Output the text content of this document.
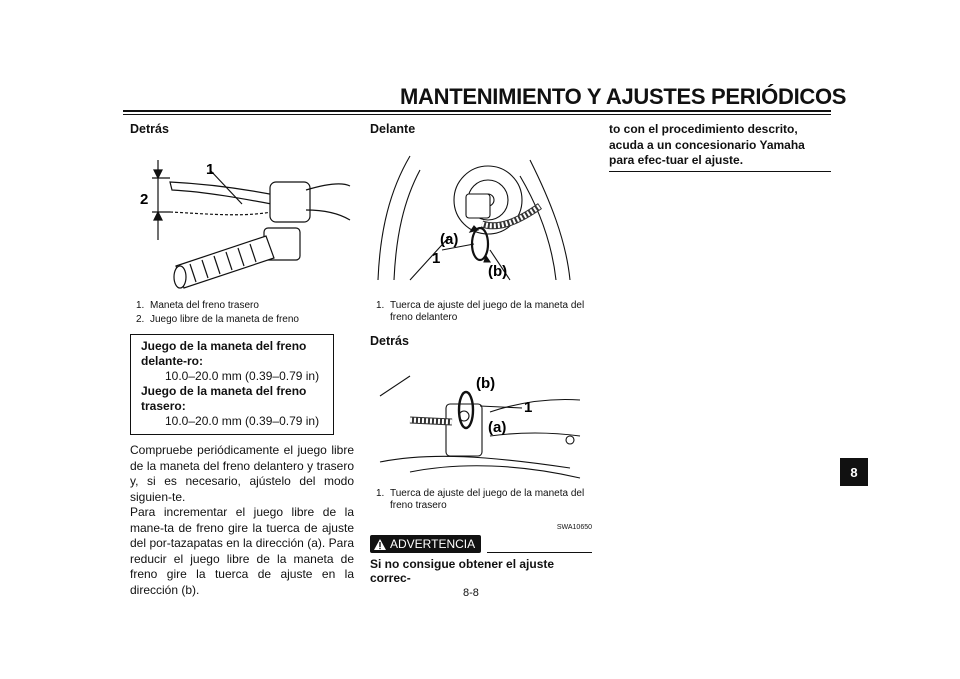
MANTENIMIENTO Y AJUSTES PERIÓDICOS
Detrás
1
2
1. Maneta del freno trasero
2. Juego libre de la maneta de freno
Juego de la maneta del freno delante-ro:
10.0–20.0 mm (0.39–0.79 in)
Juego de la maneta del freno trasero:
10.0–20.0 mm (0.39–0.79 in)

Compruebe periódicamente el juego libre de la maneta del freno delantero y trasero y, si es necesario, ajústelo del modo siguien-te.

Para incrementar el juego libre de la mane-ta de freno gire la tuerca de ajuste del por-tazapatas en la dirección (a). Para reducir el juego libre de la maneta de freno gire la tuerca de ajuste en la dirección (b).

Delante
(a)
1
(b)
1. Tuerca de ajuste del juego de la maneta del freno delantero
Detrás
(b)
1
(a)
1. Tuerca de ajuste del juego de la maneta del freno trasero
SWA10650
ADVERTENCIA
Si no consigue obtener el ajuste correc-

to con el procedimiento descrito, acuda a un concesionario Yamaha para efec-tuar el ajuste.

8
8-8
